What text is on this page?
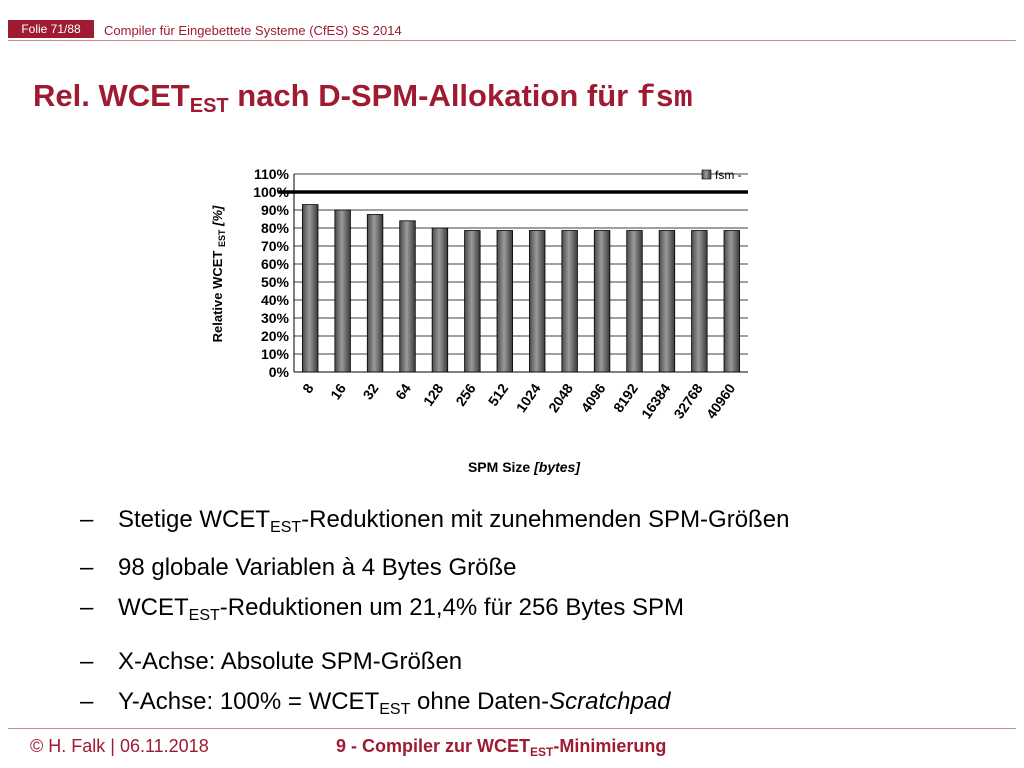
Folie 71/88	Compiler für Eingebettete Systeme (CfES) SS 2014
Rel. $WCET_{EST}$ nach D-SPM-Allokation für fsm
0%
10%
20%
30%
40%
50%
60%
70%
80%
90%
100%
110%
8 16 32 64 128 256 512 1024 2048 4096 8192
16384
32768
40960
fsm -
Relative WCET $_{EST}$ [%]
SPM Size [bytes]
– Stetige $WCET_{EST}$-Reduktionen mit zunehmenden SPM-Größen
– 98 globale Variablen à 4 Bytes Größe
– $WCET_{EST}$-Reduktionen um 21,4% für 256 Bytes SPM
– X-Achse: Absolute SPM-Größen
– Y-Achse: $100\% = WCET_{EST}$ ohne Daten-Scratchpad
© H. Falk | 06.11.2018	9 - Compiler zur $WCET_{EST}$-Minimierung
